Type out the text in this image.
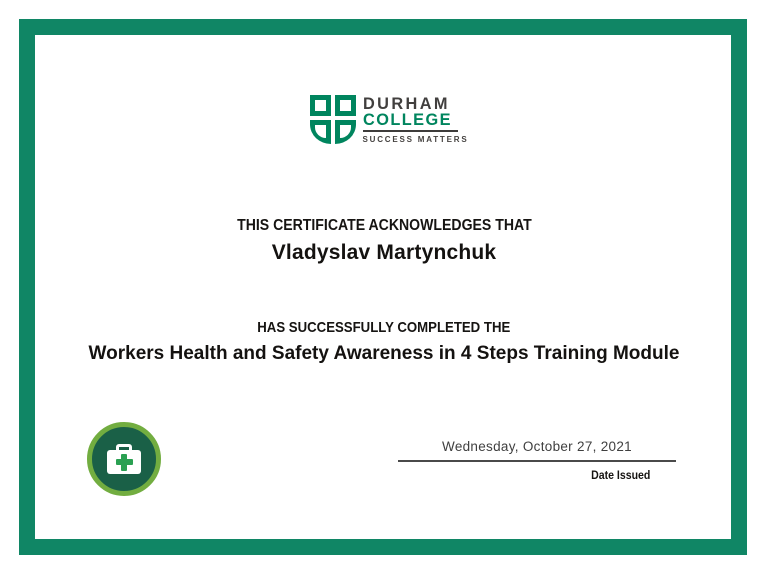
DURHAM
COLLEGE
SUCCESS MATTERS
THIS CERTIFICATE ACKNOWLEDGES THAT
Vladyslav Martynchuk
HAS SUCCESSFULLY COMPLETED THE
Workers Health and Safety Awareness in 4 Steps Training Module
Wednesday, October 27, 2021
Date Issued
